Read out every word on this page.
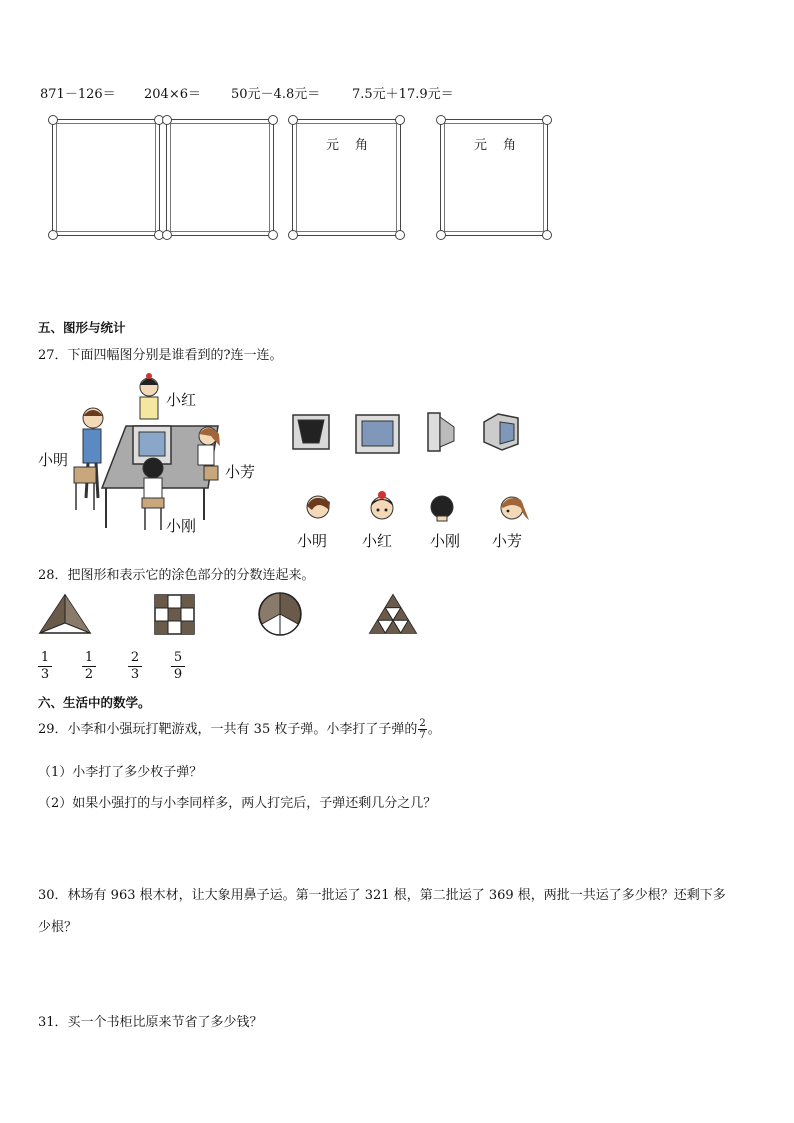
871－126＝ 204×6＝ 50元－4.8元＝ 7.5元＋17.9元＝
元 角	元 角
五、图形与统计
27．下面四幅图分别是谁看到的?连一连。
小红
小明
小芳
小刚
小明 小红	小刚 小芳
28．把图形和表示它的涂色部分的分数连起来。
$\frac{1}{3} \frac{1}{2} \frac{2}{3} \frac{5}{9}$
六、生活中的数学。
29．小李和小强玩打靶游戏，一共有 35 枚子弹。小李打了子弹的 $\frac{2}{7}$。
（1）小李打了多少枚子弹？
（2）如果小强打的与小李同样多，两人打完后，子弹还剩几分之几？
30．林场有 963 根木材，让大象用鼻子运。第一批运了 321 根，第二批运了 369 根，两批一共运了多少根？还剩下多
少根？
31．买一个书柜比原来节省了多少钱？
